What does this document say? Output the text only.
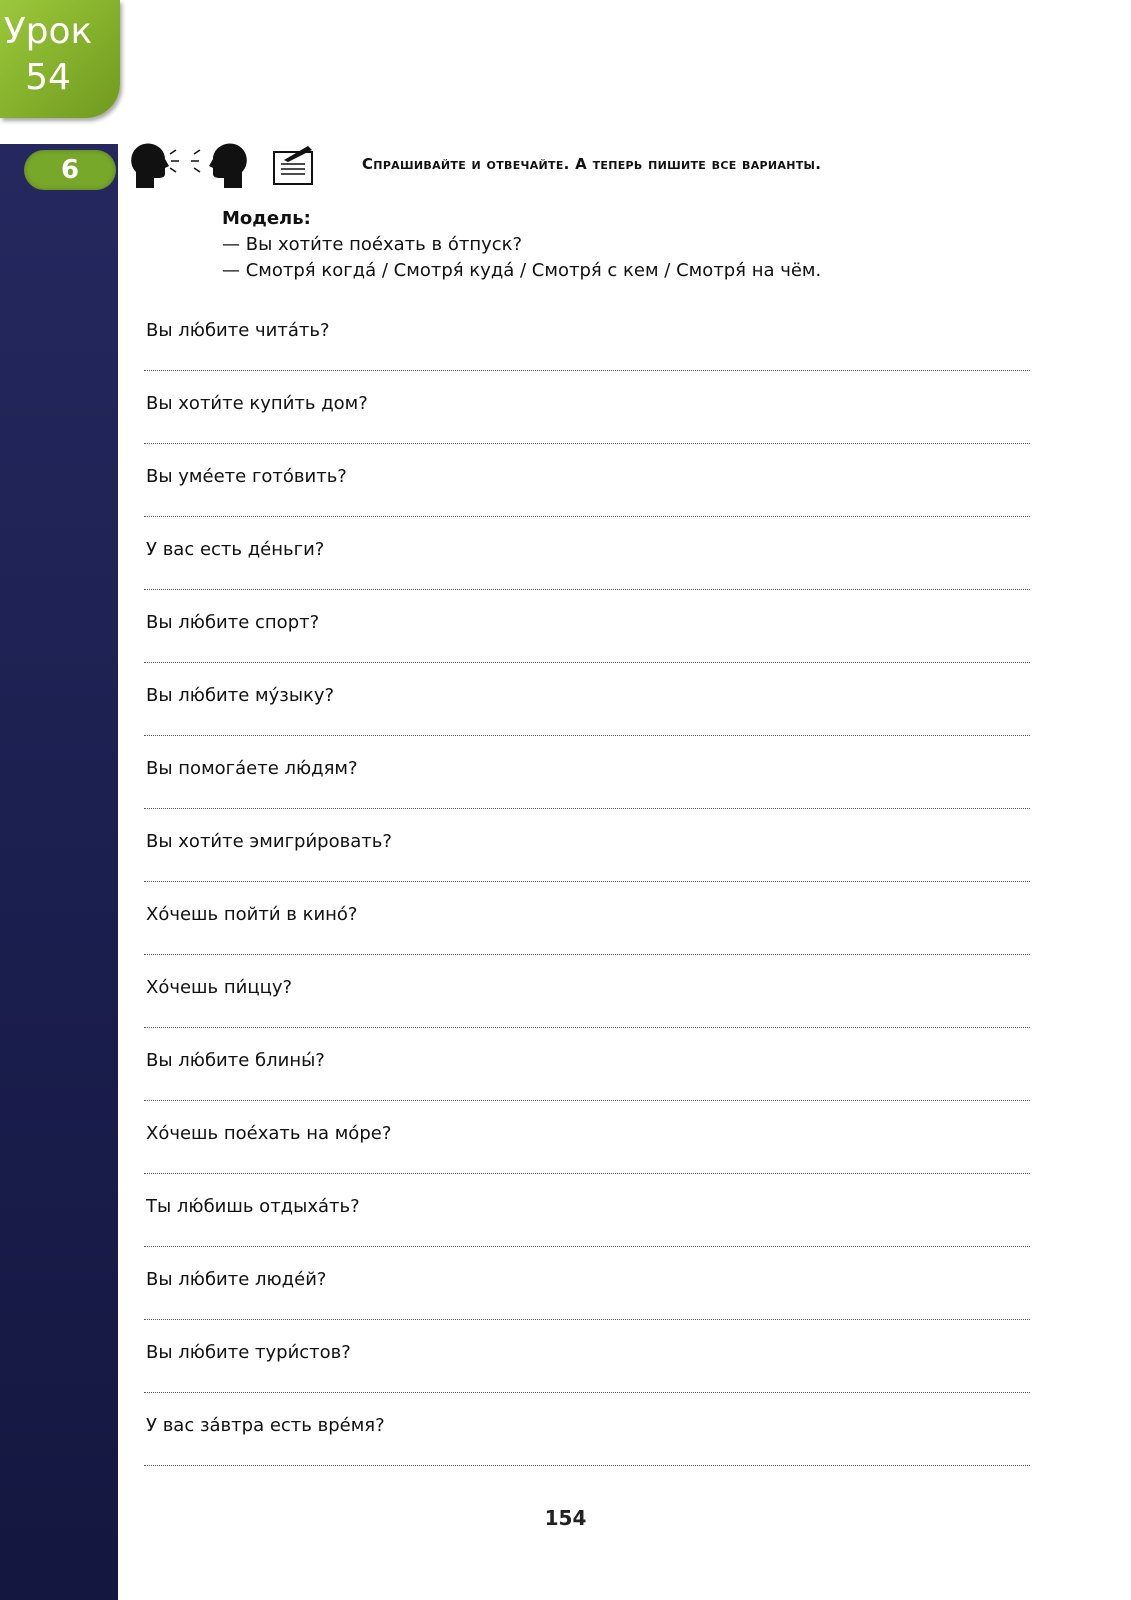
Урок
54
6	Спрашивайте и отвечайте. А теперь пишите все варианты.
Модель:
— Вы хоти́те пое́хать в о́тпуск?
— Смотря́ когда́ / Смотря́ куда́ / Смотря́ с кем / Смотря́ на чём.
Вы лю́бите чита́ть?
Вы хоти́те купи́ть дом?
Вы уме́ете гото́вить?
У вас есть де́ньги?
Вы лю́бите спорт?
Вы лю́бите му́зыку?
Вы помога́ете лю́дям?
Вы хоти́те эмигри́ровать?
Хо́чешь пойти́ в кино́?
Хо́чешь пи́ццу?
Вы лю́бите блины́?
Хо́чешь пое́хать на мо́ре?
Ты лю́бишь отдыха́ть?
Вы лю́бите люде́й?
Вы лю́бите тури́стов?
У вас за́втра есть вре́мя?
154
